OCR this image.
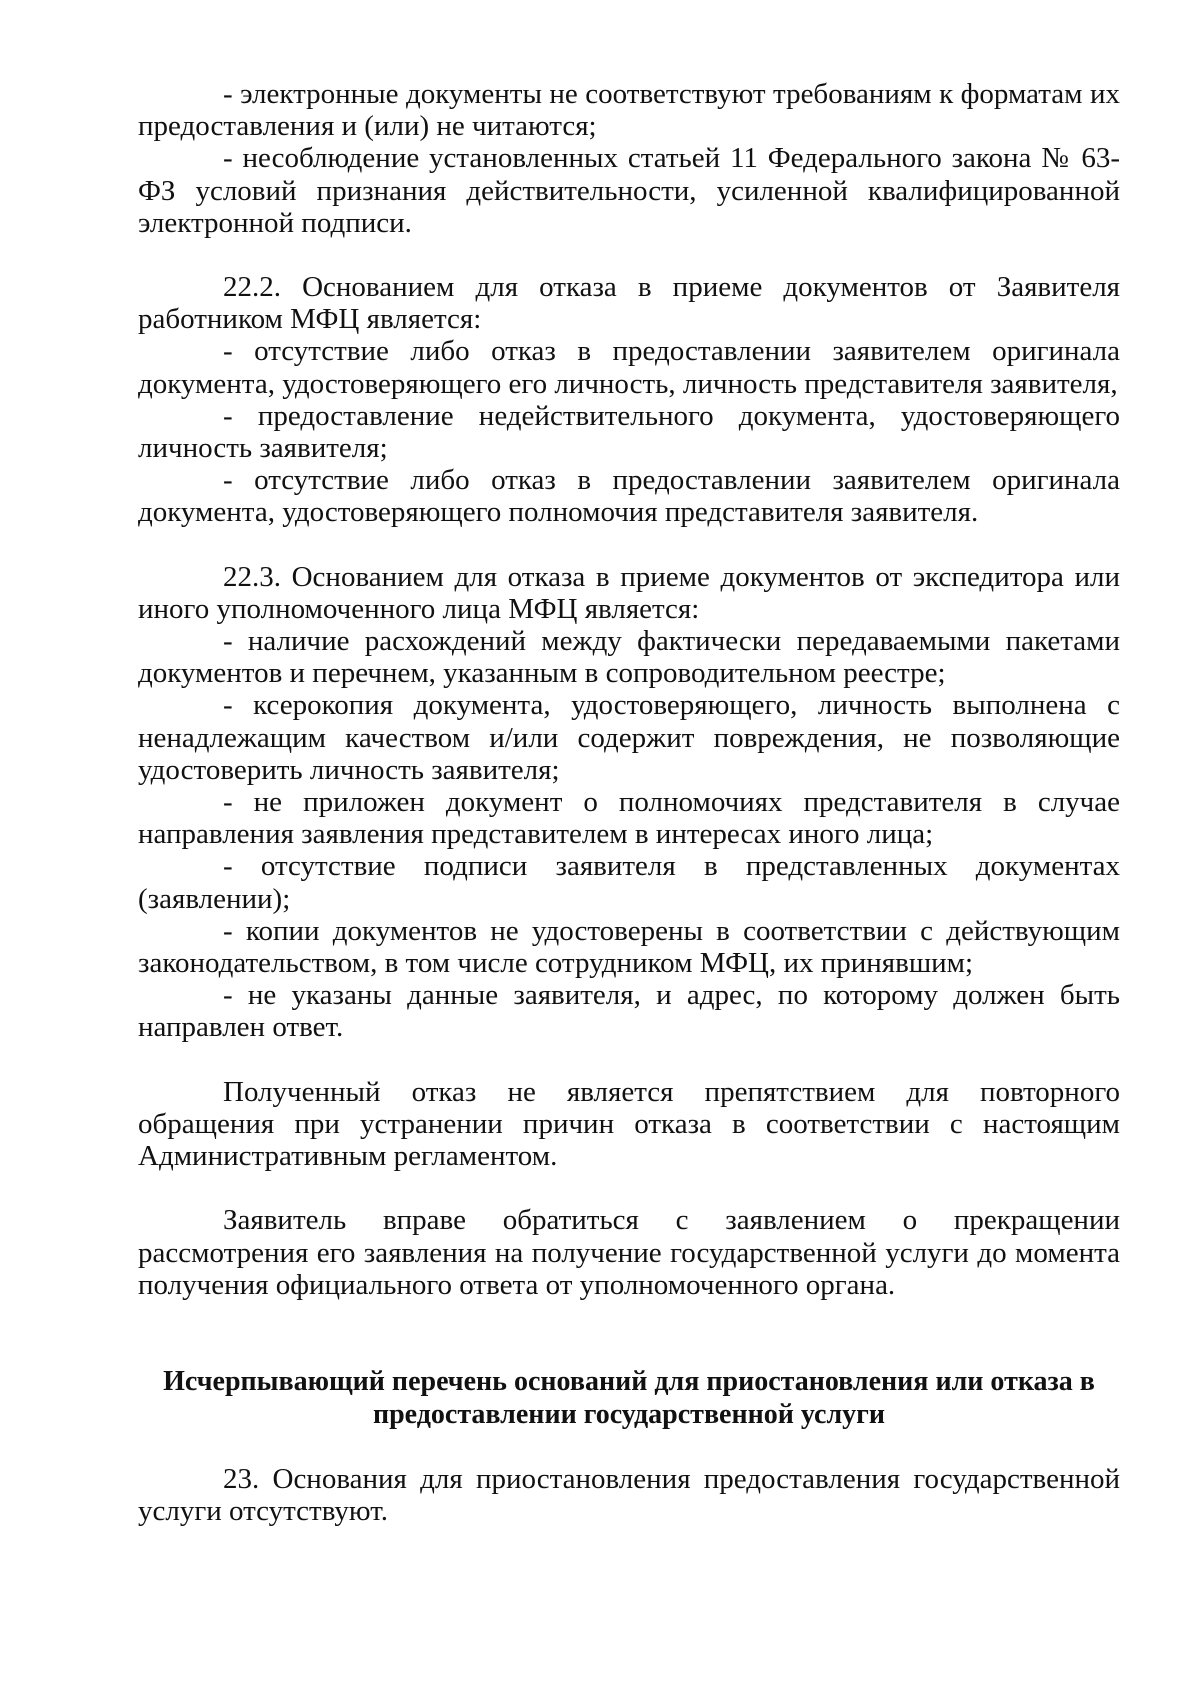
- электронные документы не соответствуют требованиям к форматам их предоставления и (или) не читаются;

- несоблюдение установленных статьей 11 Федерального закона № 63-ФЗ условий признания действительности, усиленной квалифицированной электронной подписи.

22.2. Основанием для отказа в приеме документов от Заявителя работником МФЦ является:

- отсутствие либо отказ в предоставлении заявителем оригинала документа, удостоверяющего его личность, личность представителя заявителя,

- предоставление недействительного документа, удостоверяющего личность заявителя;

- отсутствие либо отказ в предоставлении заявителем оригинала документа, удостоверяющего полномочия представителя заявителя.

22.3. Основанием для отказа в приеме документов от экспедитора или иного уполномоченного лица МФЦ является:

- наличие расхождений между фактически передаваемыми пакетами документов и перечнем, указанным в сопроводительном реестре;

- ксерокопия документа, удостоверяющего, личность выполнена с ненадлежащим качеством и/или содержит повреждения, не позволяющие удостоверить личность заявителя;

- не приложен документ о полномочиях представителя в случае направления заявления представителем в интересах иного лица;

- отсутствие подписи заявителя в представленных документах (заявлении);

- копии документов не удостоверены в соответствии с действующим законодательством, в том числе сотрудником МФЦ, их принявшим;

- не указаны данные заявителя, и адрес, по которому должен быть направлен ответ.

Полученный отказ не является препятствием для повторного обращения при устранении причин отказа в соответствии с настоящим Административным регламентом.

Заявитель вправе обратиться с заявлением о прекращении рассмотрения его заявления на получение государственной услуги до момента получения официального ответа от уполномоченного органа.

Исчерпывающий перечень оснований для приостановления или отказа в предоставлении государственной услуги

23. Основания для приостановления предоставления государственной услуги отсутствуют.
